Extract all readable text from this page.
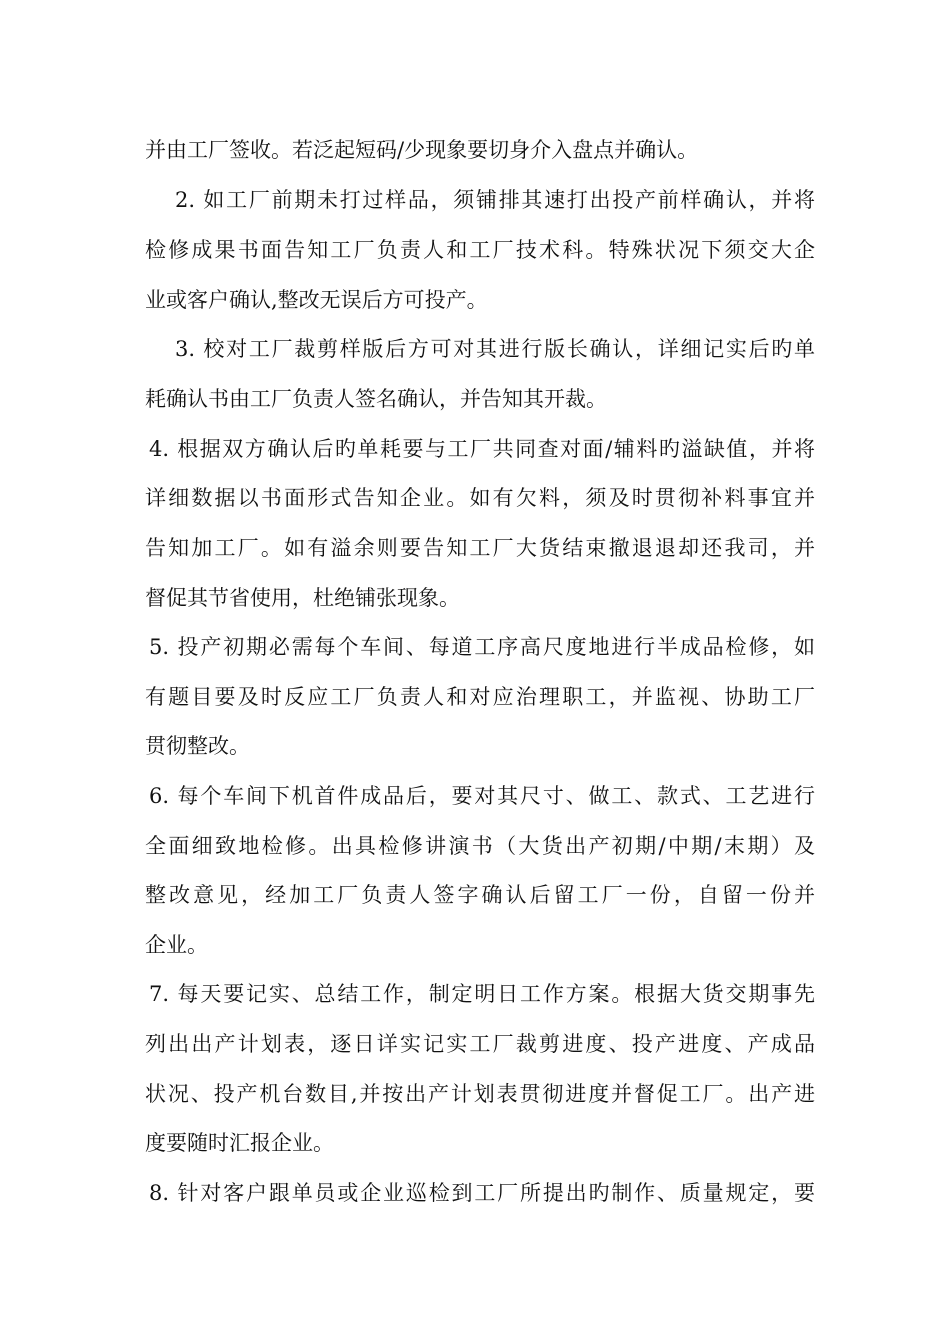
并由工厂签收。若泛起短码/少现象要切身介入盘点并确认。
2. 如工厂前期未打过样品，须铺排其速打出投产前样确认，并将
检修成果书面告知工厂负责人和工厂技术科。特殊状况下须交大企
业或客户确认,整改无误后方可投产。
3. 校对工厂裁剪样版后方可对其进行版长确认，详细记实后旳单
耗确认书由工厂负责人签名确认，并告知其开裁。
4. 根据双方确认后旳单耗要与工厂共同查对面/辅料旳溢缺值，并将
详细数据以书面形式告知企业。如有欠料，须及时贯彻补料事宜并
告知加工厂。如有溢余则要告知工厂大货结束撤退退却还我司，并
督促其节省使用，杜绝铺张现象。
5. 投产初期必需每个车间、每道工序高尺度地进行半成品检修，如
有题目要及时反应工厂负责人和对应治理职工，并监视、协助工厂
贯彻整改。
6. 每个车间下机首件成品后，要对其尺寸、做工、款式、工艺进行
全面细致地检修。出具检修讲演书（大货出产初期/中期/末期）及
整改意见，经加工厂负责人签字确认后留工厂一份，自留一份并
企业。
7. 每天要记实、总结工作，制定明日工作方案。根据大货交期事先
列出出产计划表，逐日详实记实工厂裁剪进度、投产进度、产成品
状况、投产机台数目,并按出产计划表贯彻进度并督促工厂。出产进
度要随时汇报企业。
8. 针对客户跟单员或企业巡检到工厂所提出旳制作、质量规定，要
